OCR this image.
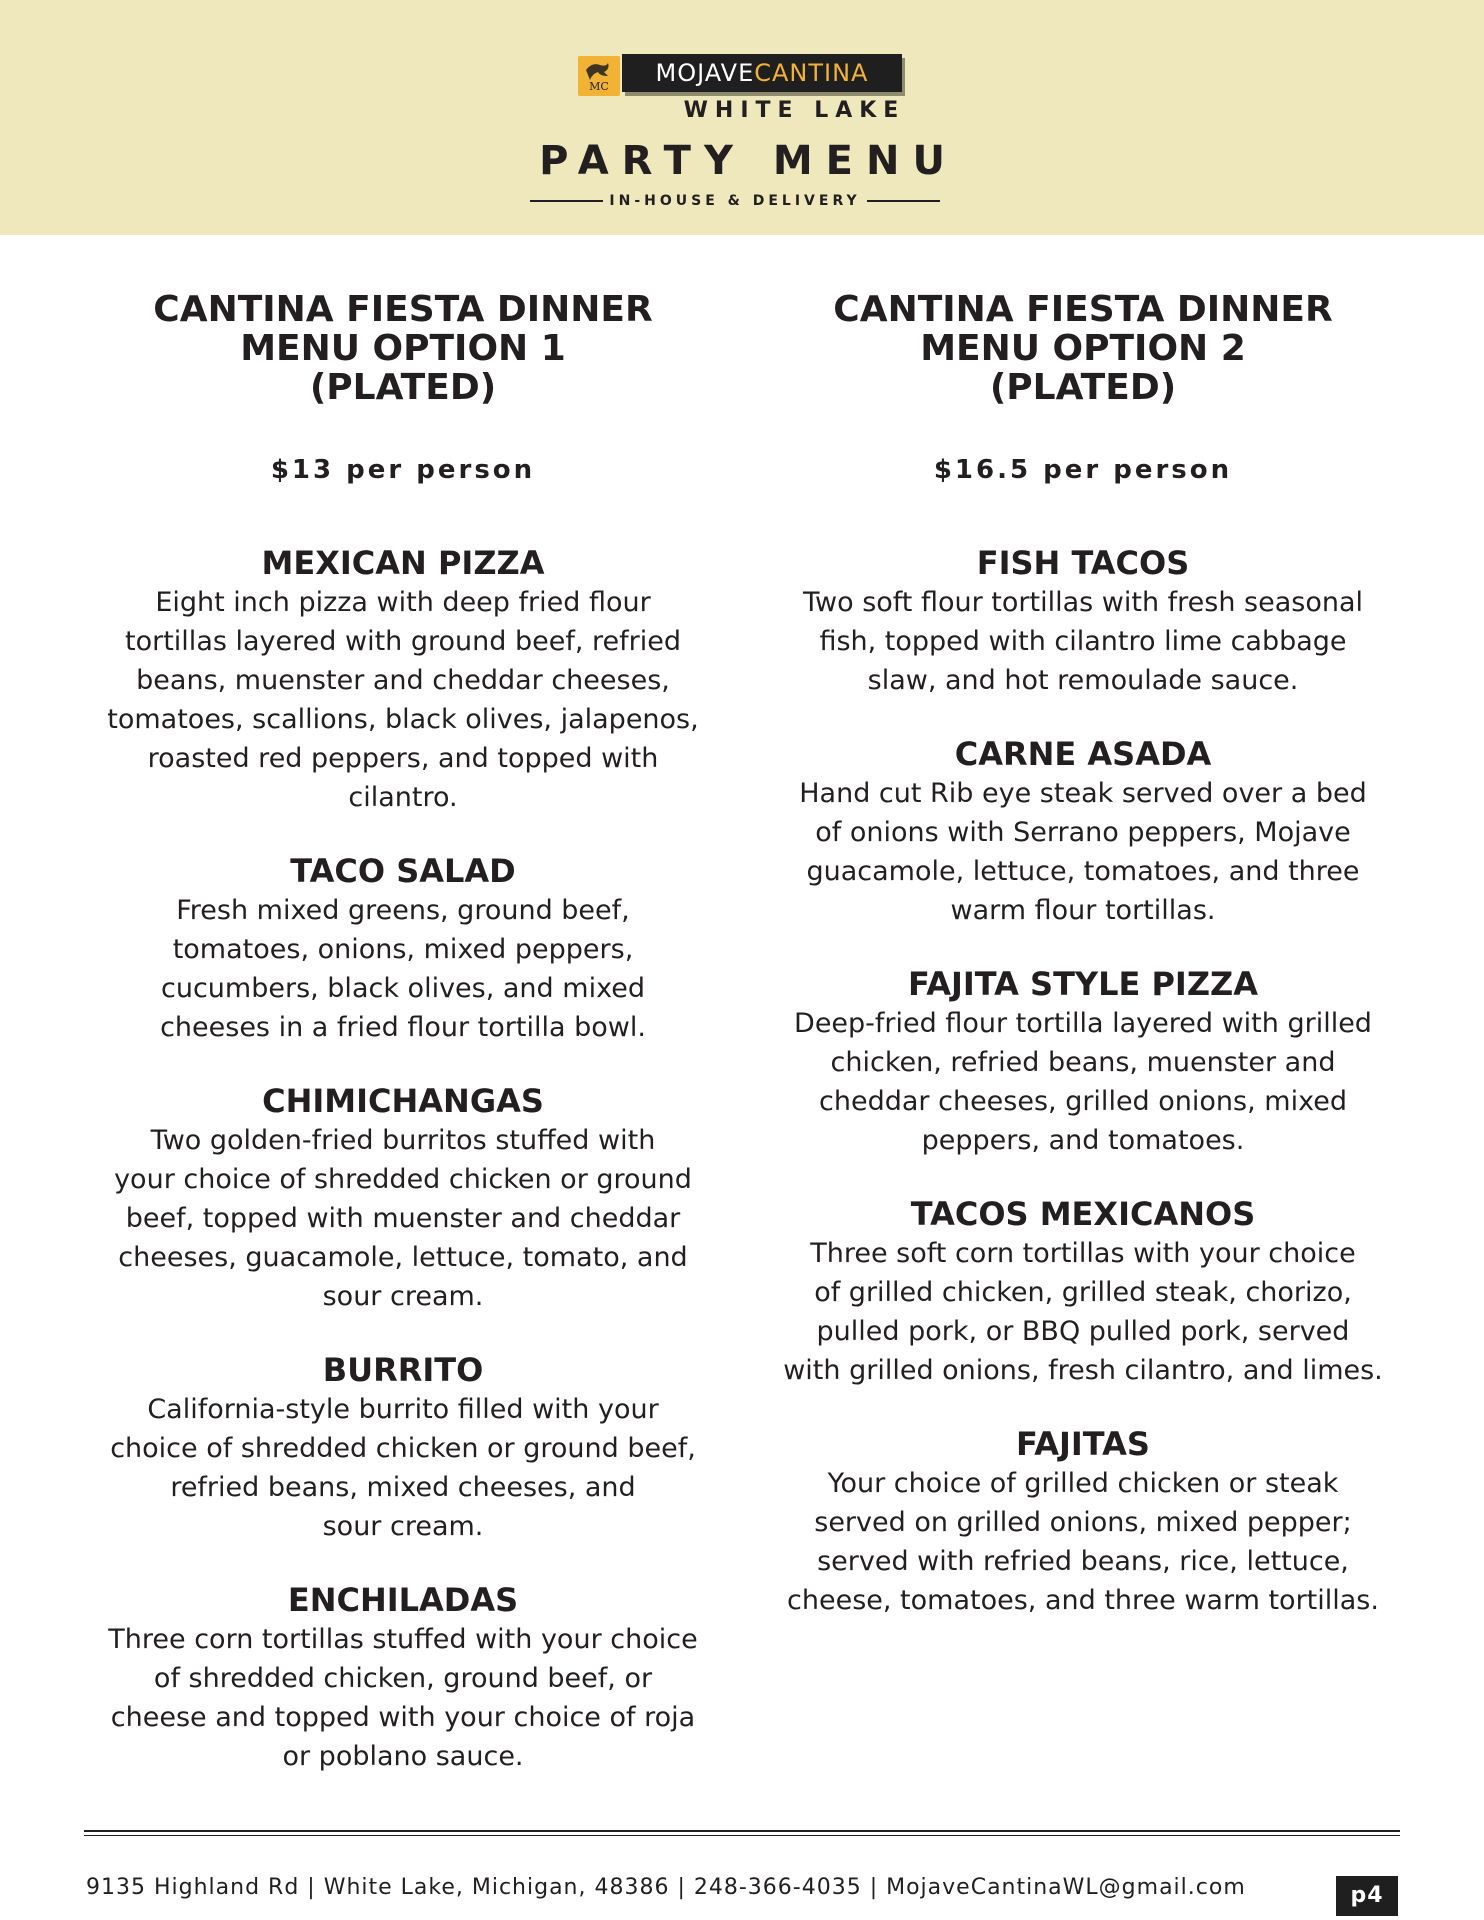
MC MOJAVE CANTINA
WHITE LAKE
PARTY MENU
IN-HOUSE & DELIVERY
CANTINA FIESTA DINNER
MENU OPTION 1
(PLATED)
$13 per person
MEXICAN PIZZA
Eight inch pizza with deep fried flour
tortillas layered with ground beef, refried
beans, muenster and cheddar cheeses,
tomatoes, scallions, black olives, jalapenos,
roasted red peppers, and topped with
cilantro.
TACO SALAD
Fresh mixed greens, ground beef,
tomatoes, onions, mixed peppers,
cucumbers, black olives, and mixed
cheeses in a fried flour tortilla bowl.
CHIMICHANGAS
Two golden-fried burritos stuffed with
your choice of shredded chicken or ground
beef, topped with muenster and cheddar
cheeses, guacamole, lettuce, tomato, and
sour cream.
BURRITO
California-style burrito filled with your
choice of shredded chicken or ground beef,
refried beans, mixed cheeses, and
sour cream.
ENCHILADAS
Three corn tortillas stuffed with your choice
of shredded chicken, ground beef, or
cheese and topped with your choice of roja
or poblano sauce.
CANTINA FIESTA DINNER
MENU OPTION 2
(PLATED)
$16.5 per person
FISH TACOS
Two soft flour tortillas with fresh seasonal
fish, topped with cilantro lime cabbage
slaw, and hot remoulade sauce.
CARNE ASADA
Hand cut Rib eye steak served over a bed
of onions with Serrano peppers, Mojave
guacamole, lettuce, tomatoes, and three
warm flour tortillas.
FAJITA STYLE PIZZA
Deep-fried flour tortilla layered with grilled
chicken, refried beans, muenster and
cheddar cheeses, grilled onions, mixed
peppers, and tomatoes.
TACOS MEXICANOS
Three soft corn tortillas with your choice
of grilled chicken, grilled steak, chorizo,
pulled pork, or BBQ pulled pork, served
with grilled onions, fresh cilantro, and limes.
FAJITAS
Your choice of grilled chicken or steak
served on grilled onions, mixed pepper;
served with refried beans, rice, lettuce,
cheese, tomatoes, and three warm tortillas.
9135 Highland Rd | White Lake, Michigan, 48386 | 248-366-4035 | MojaveCantinaWL@gmail.com	p4
